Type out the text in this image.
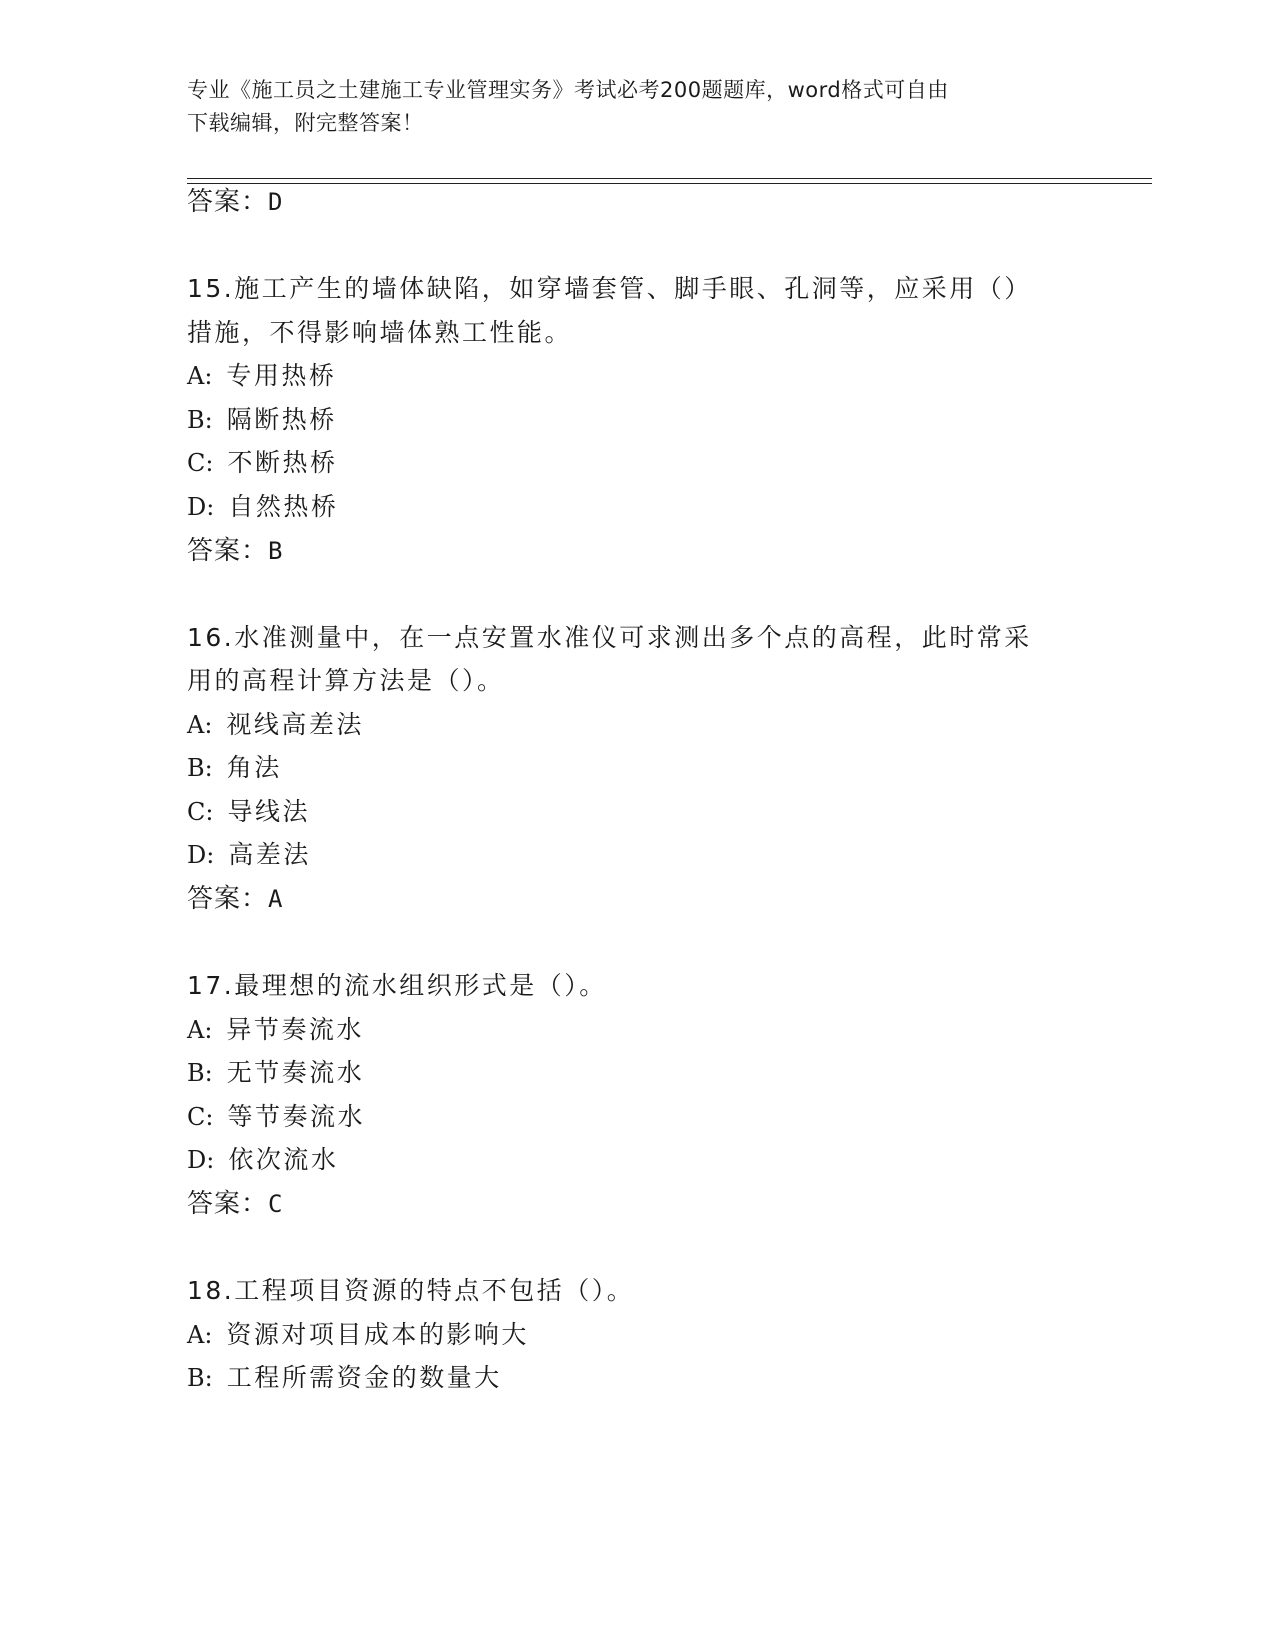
专业《施工员之土建施工专业管理实务》考试必考200题题库，word格式可自由
下载编辑，附完整答案！
答案：D
15.施工产生的墙体缺陷，如穿墙套管、脚手眼、孔洞等，应采用（）
措施，不得影响墙体熟工性能。
A: 专用热桥
B: 隔断热桥
C: 不断热桥
D: 自然热桥
答案：B
16.水准测量中，在一点安置水准仪可求测出多个点的高程，此时常采
用的高程计算方法是（）。
A: 视线高差法
B: 角法
C: 导线法
D: 高差法
答案：A
17.最理想的流水组织形式是（）。
A: 异节奏流水
B: 无节奏流水
C: 等节奏流水
D: 依次流水
答案：C
18.工程项目资源的特点不包括（）。
A: 资源对项目成本的影响大
B: 工程所需资金的数量大
